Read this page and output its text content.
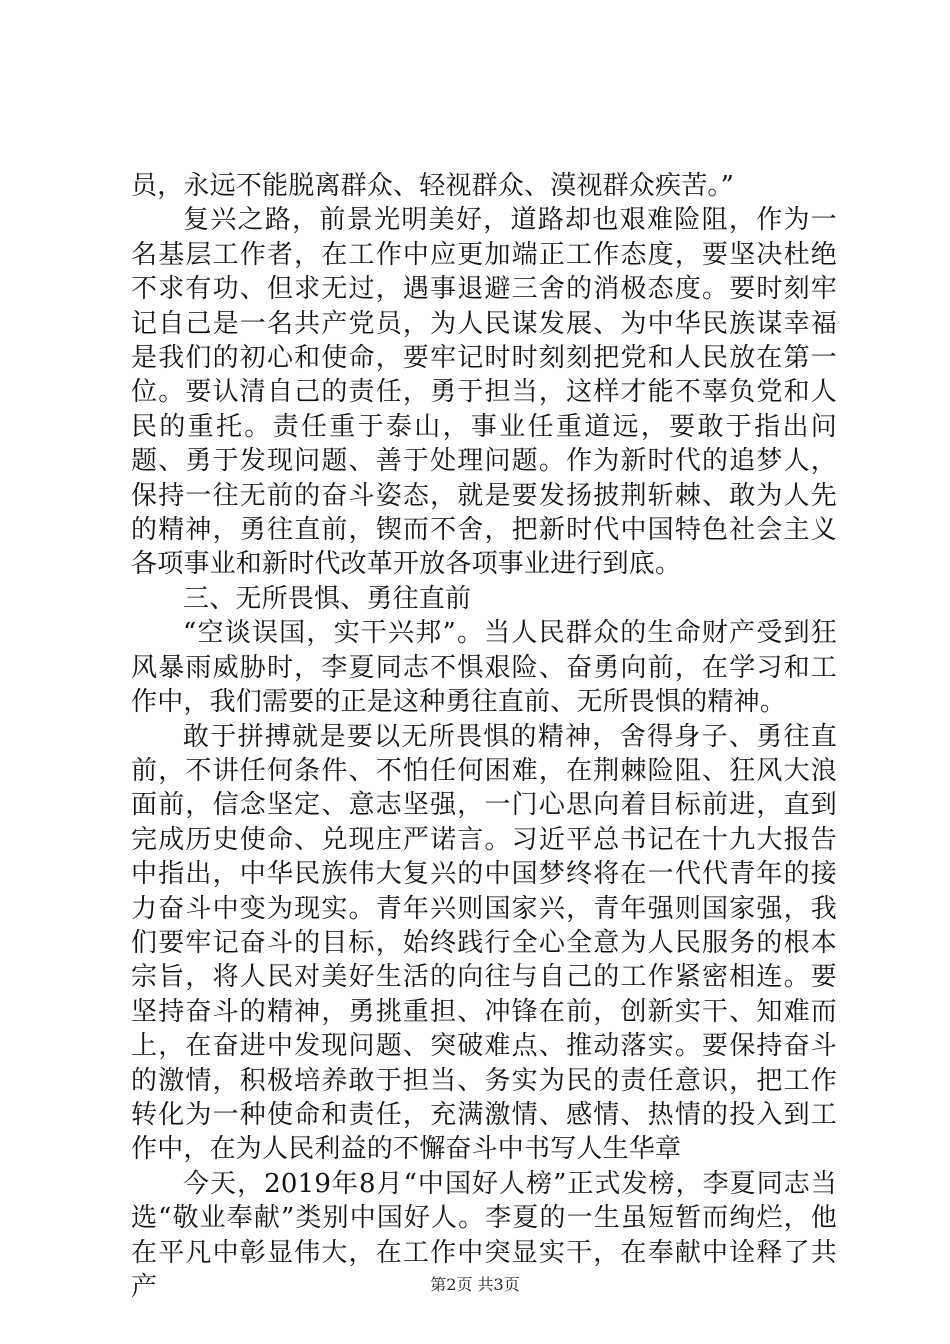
员，永远不能脱离群众、轻视群众、漠视群众疾苦。”

复兴之路，前景光明美好，道路却也艰难险阻，作为一名基层工作者，在工作中应更加端正工作态度，要坚决杜绝不求有功、但求无过，遇事退避三舍的消极态度。要时刻牢记自己是一名共产党员，为人民谋发展、为中华民族谋幸福是我们的初心和使命，要牢记时时刻刻把党和人民放在第一位。要认清自己的责任，勇于担当，这样才能不辜负党和人民的重托。责任重于泰山，事业任重道远，要敢于指出问题、勇于发现问题、善于处理问题。作为新时代的追梦人，保持一往无前的奋斗姿态，就是要发扬披荆斩棘、敢为人先的精神，勇往直前，锲而不舍，把新时代中国特色社会主义各项事业和新时代改革开放各项事业进行到底。

三、无所畏惧、勇往直前

“空谈误国，实干兴邦”。当人民群众的生命财产受到狂风暴雨威胁时，李夏同志不惧艰险、奋勇向前，在学习和工作中，我们需要的正是这种勇往直前、无所畏惧的精神。

敢于拼搏就是要以无所畏惧的精神，舍得身子、勇往直前，不讲任何条件、不怕任何困难，在荆棘险阻、狂风大浪面前，信念坚定、意志坚强，一门心思向着目标前进，直到完成历史使命、兑现庄严诺言。习近平总书记在十九大报告中指出，中华民族伟大复兴的中国梦终将在一代代青年的接力奋斗中变为现实。青年兴则国家兴，青年强则国家强，我们要牢记奋斗的目标，始终践行全心全意为人民服务的根本宗旨，将人民对美好生活的向往与自己的工作紧密相连。要坚持奋斗的精神，勇挑重担、冲锋在前，创新实干、知难而上，在奋进中发现问题、突破难点、推动落实。要保持奋斗的激情，积极培养敢于担当、务实为民的责任意识，把工作转化为一种使命和责任，充满激情、感情、热情的投入到工作中，在为人民利益的不懈奋斗中书写人生华章

今天，2019年8月“中国好人榜”正式发榜，李夏同志当选“敬业奉献”类别中国好人。李夏的一生虽短暂而绚烂，他在平凡中彰显伟大，在工作中突显实干，在奉献中诠释了共产	第2页 共3页
